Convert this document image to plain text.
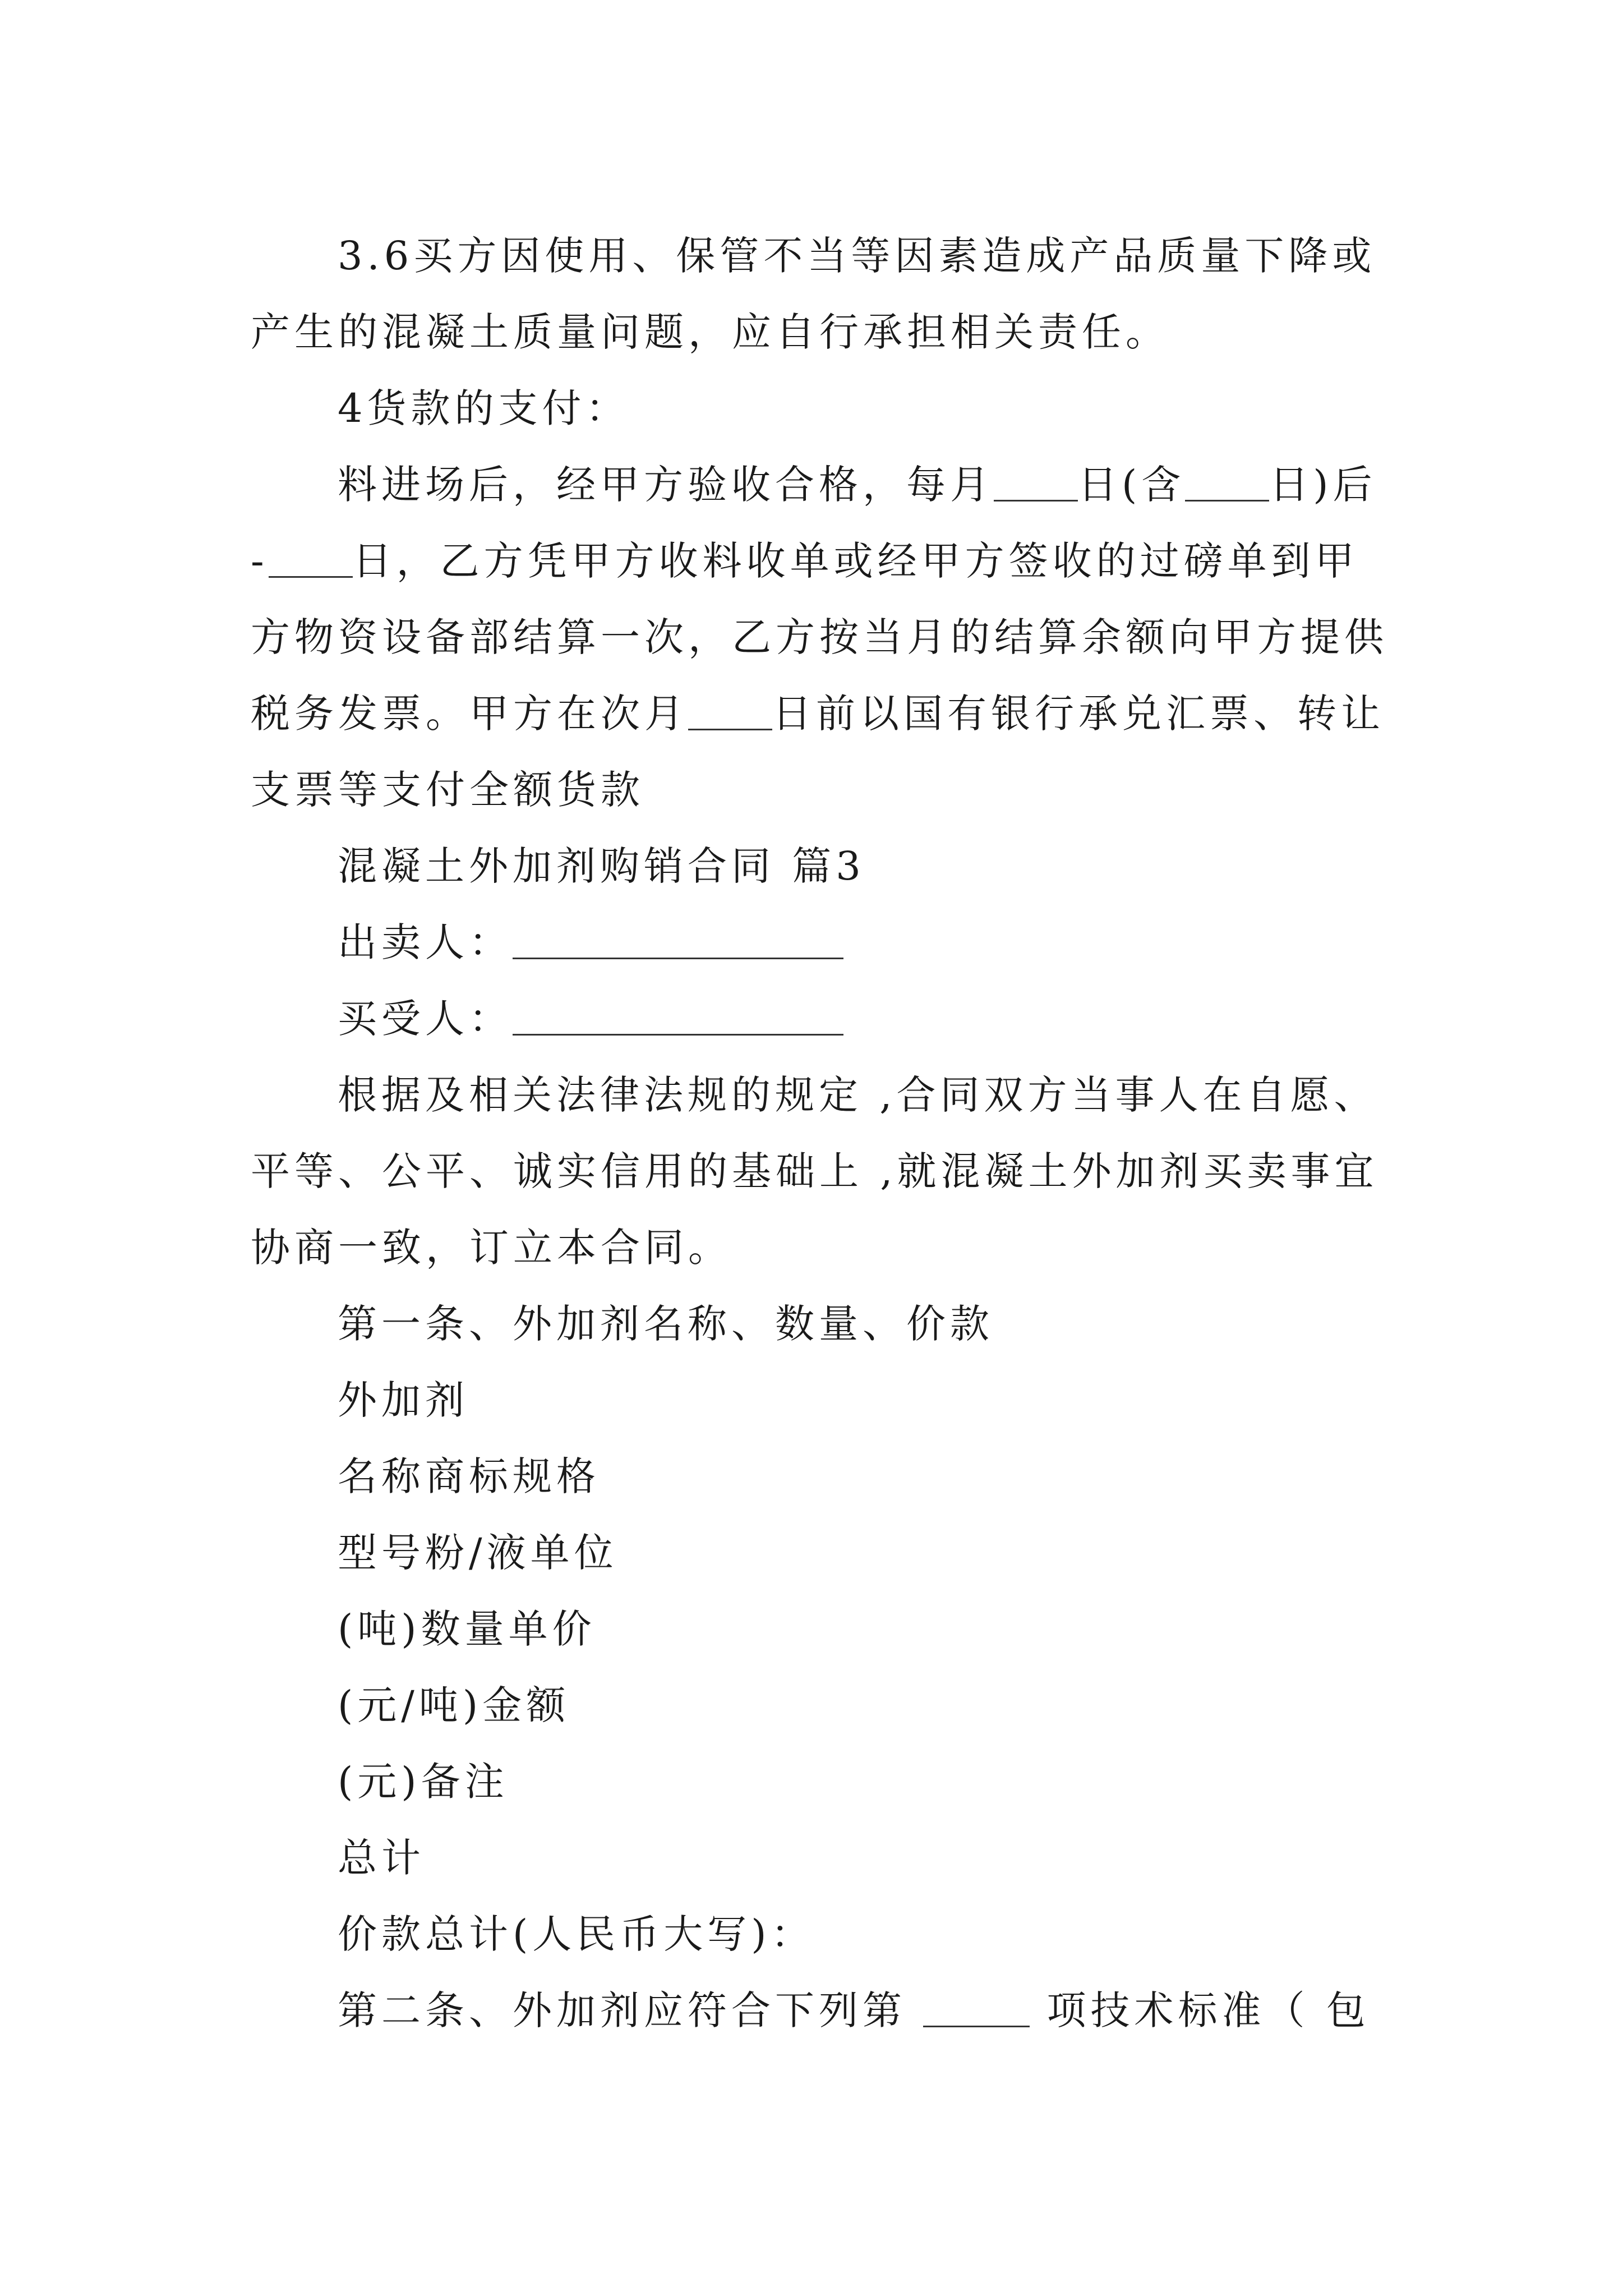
3.6买方因使用、保管不当等因素造成产品质量下降或

产生的混凝土质量问题，应自行承担相关责任。

4货款的支付：

料进场后，经甲方验收合格，每月 日(含 日)后

- 日，乙方凭甲方收料收单或经甲方签收的过磅单到甲

方物资设备部结算一次，乙方按当月的结算余额向甲方提供

税务发票。甲方在次月 日前以国有银行承兑汇票、转让

支票等支付全额货款

混凝土外加剂购销合同 篇3

出卖人：

买受人：

根据及相关法律法规的规定 ,合同双方当事人在自愿、

平等、公平、诚实信用的基础上 ,就混凝土外加剂买卖事宜

协商一致，订立本合同。

第一条、外加剂名称、数量、价款

外加剂

名称商标规格

型号粉/液单位

(吨)数量单价

(元/吨)金额

(元)备注

总计

价款总计(人民币大写)：

第二条、外加剂应符合下列第	项技术标准（ 包
